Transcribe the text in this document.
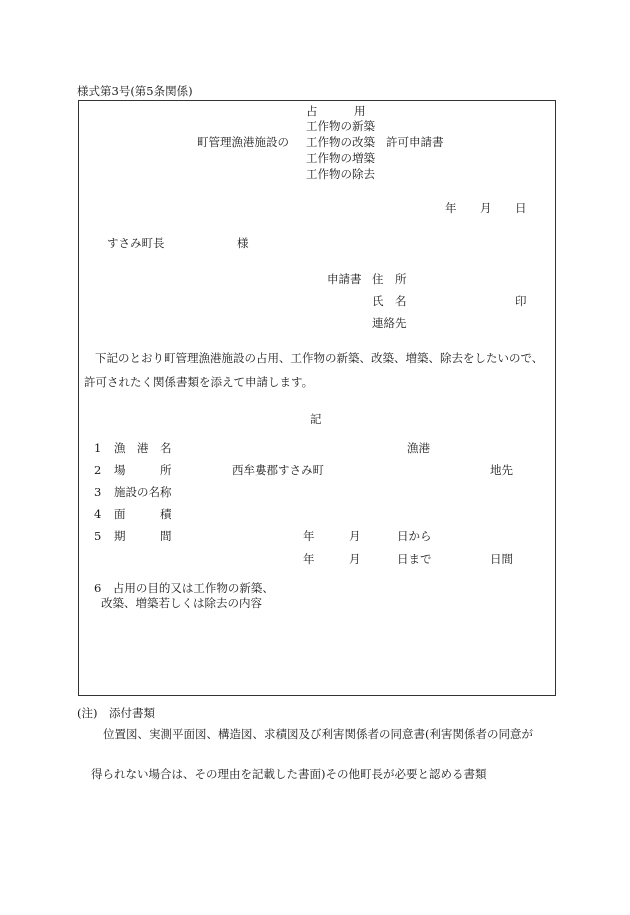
様式第3号(第5条関係)
町管理漁港施設の
占　　　用
工作物の新築
工作物の改築
工作物の増築
工作物の除去
許可申請書
年 月 日
すさみ町長	様
申請書 住　所
氏　名	印
連絡先
下記のとおり町管理漁港施設の占用、工作物の新築、改築、増築、除去をしたいので、
許可されたく関係書類を添えて申請します。
記
1 漁　港　名	漁港
2 場　　　所	西牟婁郡すさみ町	地先
3 施設の名称
4 面　　　積
5 期　　　間	年	月	日から
年	月	日まで	日間
6　占用の目的又は工作物の新築、
改築、増築若しくは除去の内容
(注)　添付書類
位置図、実測平面図、構造図、求積図及び利害関係者の同意書(利害関係者の同意が
得られない場合は、その理由を記載した書面)その他町長が必要と認める書類
